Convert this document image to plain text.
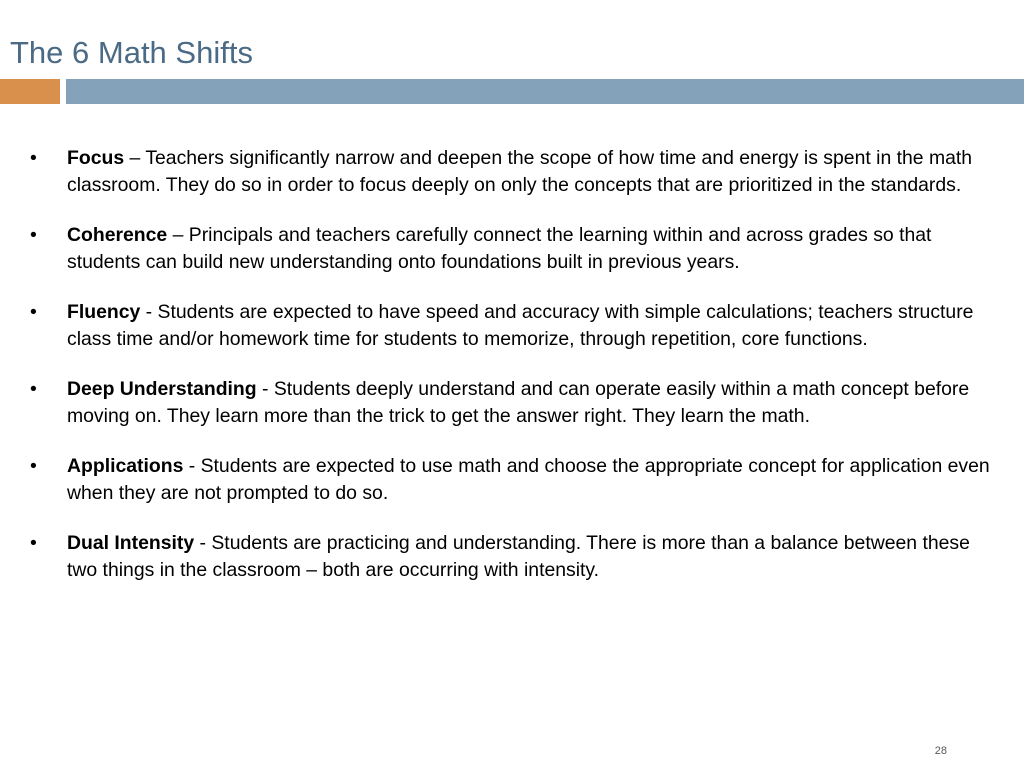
The 6 Math Shifts
• Focus – Teachers significantly narrow and deepen the scope of how time and energy is spent in the math classroom. They do so in order to focus deeply on only the concepts that are prioritized in the standards.
• Coherence – Principals and teachers carefully connect the learning within and across grades so that students can build new understanding onto foundations built in previous years.
• Fluency - Students are expected to have speed and accuracy with simple calculations; teachers structure class time and/or homework time for students to memorize, through repetition, core functions.
• Deep Understanding - Students deeply understand and can operate easily within a math concept before moving on. They learn more than the trick to get the answer right. They learn the math.
• Applications - Students are expected to use math and choose the appropriate concept for application even when they are not prompted to do so.
• Dual Intensity - Students are practicing and understanding. There is more than a balance between these two things in the classroom – both are occurring with intensity.
28
